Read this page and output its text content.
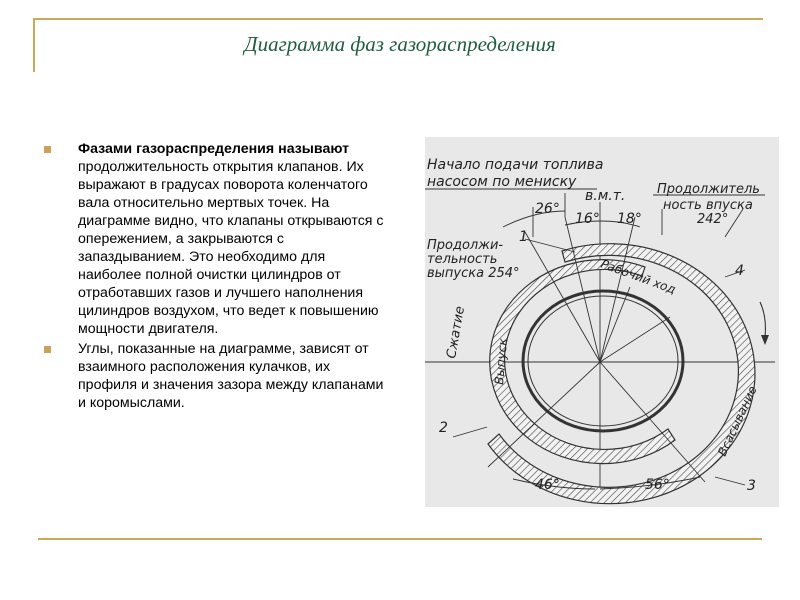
Диаграмма фаз газораспределения
Фазами газораспределения называют продолжительность открытия клапанов. Их выражают в градусах поворота коленчатого вала относительно мертвых точек. На диаграмме видно, что клапаны открываются с опережением, а закрываются с запаздыванием. Это необходимо для наиболее полной очистки цилиндров от отработавших газов и лучшего наполнения цилиндров воздухом, что ведет к повышению мощности двигателя.
Углы, показанные на диаграмме, зависят от взаимного расположения кулачков, их профиля и значения зазора между клапанами и коромыслами.
Начало подачи топлива
насосом по мениску
в.м.т. Продолжитель
ность впуска
242°
26°
16° 18°
Продолжи-
тельность
выпуска 254°
1
4
2
3
46°	56°
Рабочий ход
Сжатие
Выпуск
Всасывание
